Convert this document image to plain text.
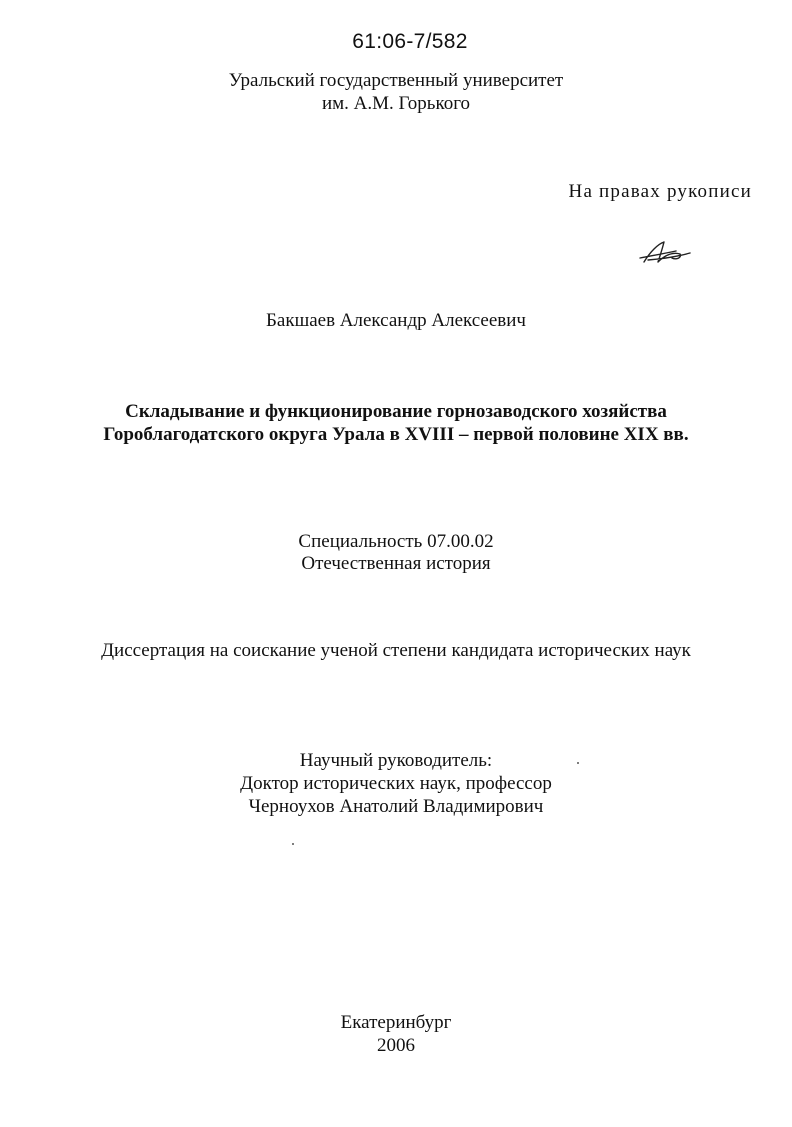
61:06-7/582
Уральский государственный университет
им. А.М. Горького
На правах рукописи
Бакшаев Александр Алексеевич
Складывание и функционирование горнозаводского хозяйства
Гороблагодатского округа Урала в XVIII – первой половине XIX вв.
Специальность 07.00.02
Отечественная история
Диссертация на соискание ученой степени кандидата исторических наук
Научный руководитель:
Доктор исторических наук, профессор
Черноухов Анатолий Владимирович
Екатеринбург
2006
